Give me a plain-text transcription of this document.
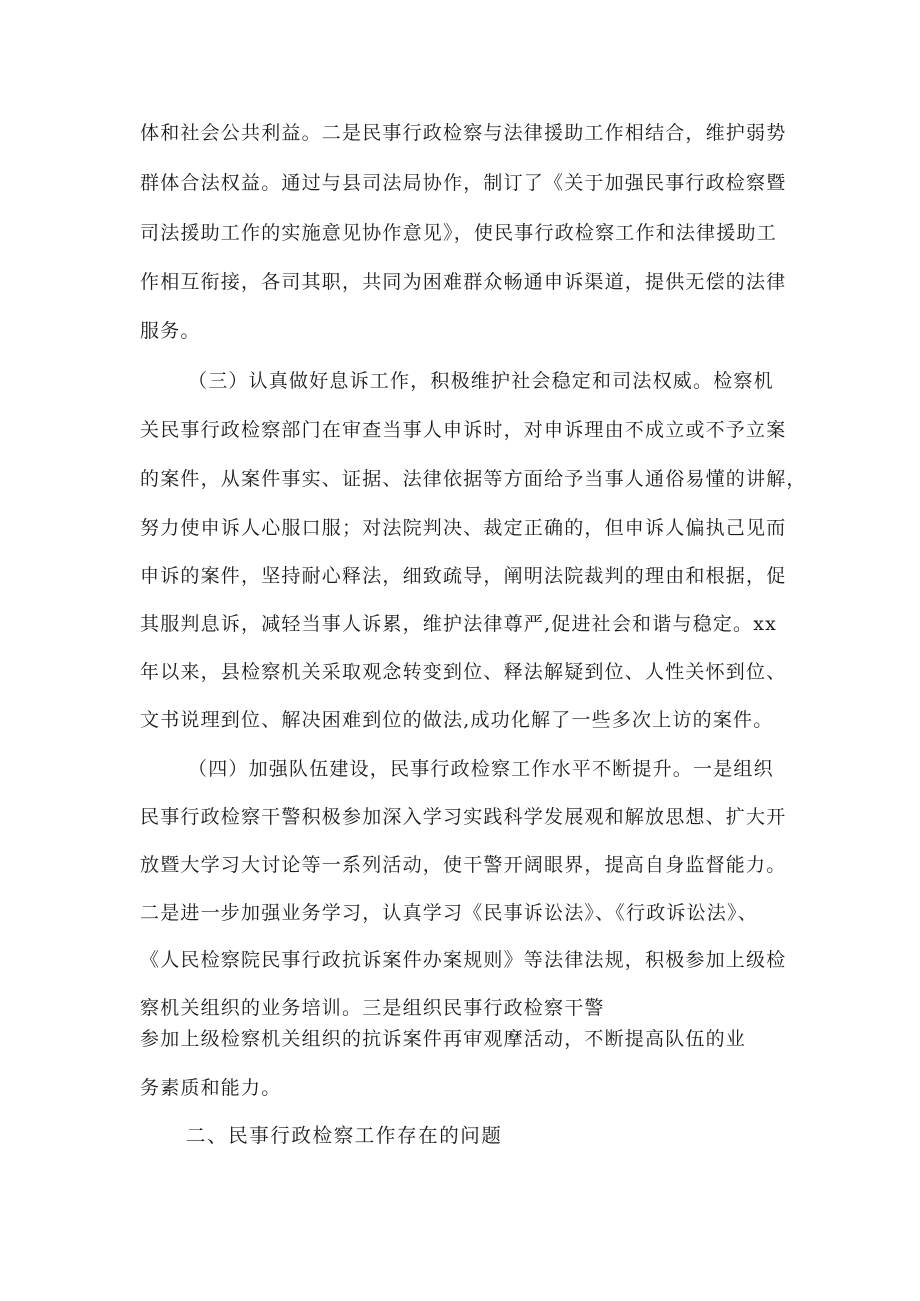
体和社会公共利益。二是民事行政检察与法律援助工作相结合，维护弱势
群体合法权益。通过与县司法局协作，制订了《关于加强民事行政检察暨
司法援助工作的实施意见协作意见》，使民事行政检察工作和法律援助工
作相互衔接，各司其职，共同为困难群众畅通申诉渠道，提供无偿的法律
服务。
（三）认真做好息诉工作，积极维护社会稳定和司法权威。检察机
关民事行政检察部门在审查当事人申诉时，对申诉理由不成立或不予立案
的案件，从案件事实、证据、法律依据等方面给予当事人通俗易懂的讲解，
努力使申诉人心服口服；对法院判决、裁定正确的，但申诉人偏执己见而
申诉的案件，坚持耐心释法，细致疏导，阐明法院裁判的理由和根据，促
其服判息诉，减轻当事人诉累，维护法律尊严,促进社会和谐与稳定。xx
年以来，县检察机关采取观念转变到位、释法解疑到位、人性关怀到位、
文书说理到位、解决困难到位的做法,成功化解了一些多次上访的案件。
（四）加强队伍建设，民事行政检察工作水平不断提升。一是组织
民事行政检察干警积极参加深入学习实践科学发展观和解放思想、扩大开
放暨大学习大讨论等一系列活动，使干警开阔眼界，提高自身监督能力。
二是进一步加强业务学习，认真学习《民事诉讼法》、《行政诉讼法》、
《人民检察院民事行政抗诉案件办案规则》等法律法规，积极参加上级检
察机关组织的业务培训。三是组织民事行政检察干警
参加上级检察机关组织的抗诉案件再审观摩活动，不断提高队伍的业
务素质和能力。
二、民事行政检察工作存在的问题
